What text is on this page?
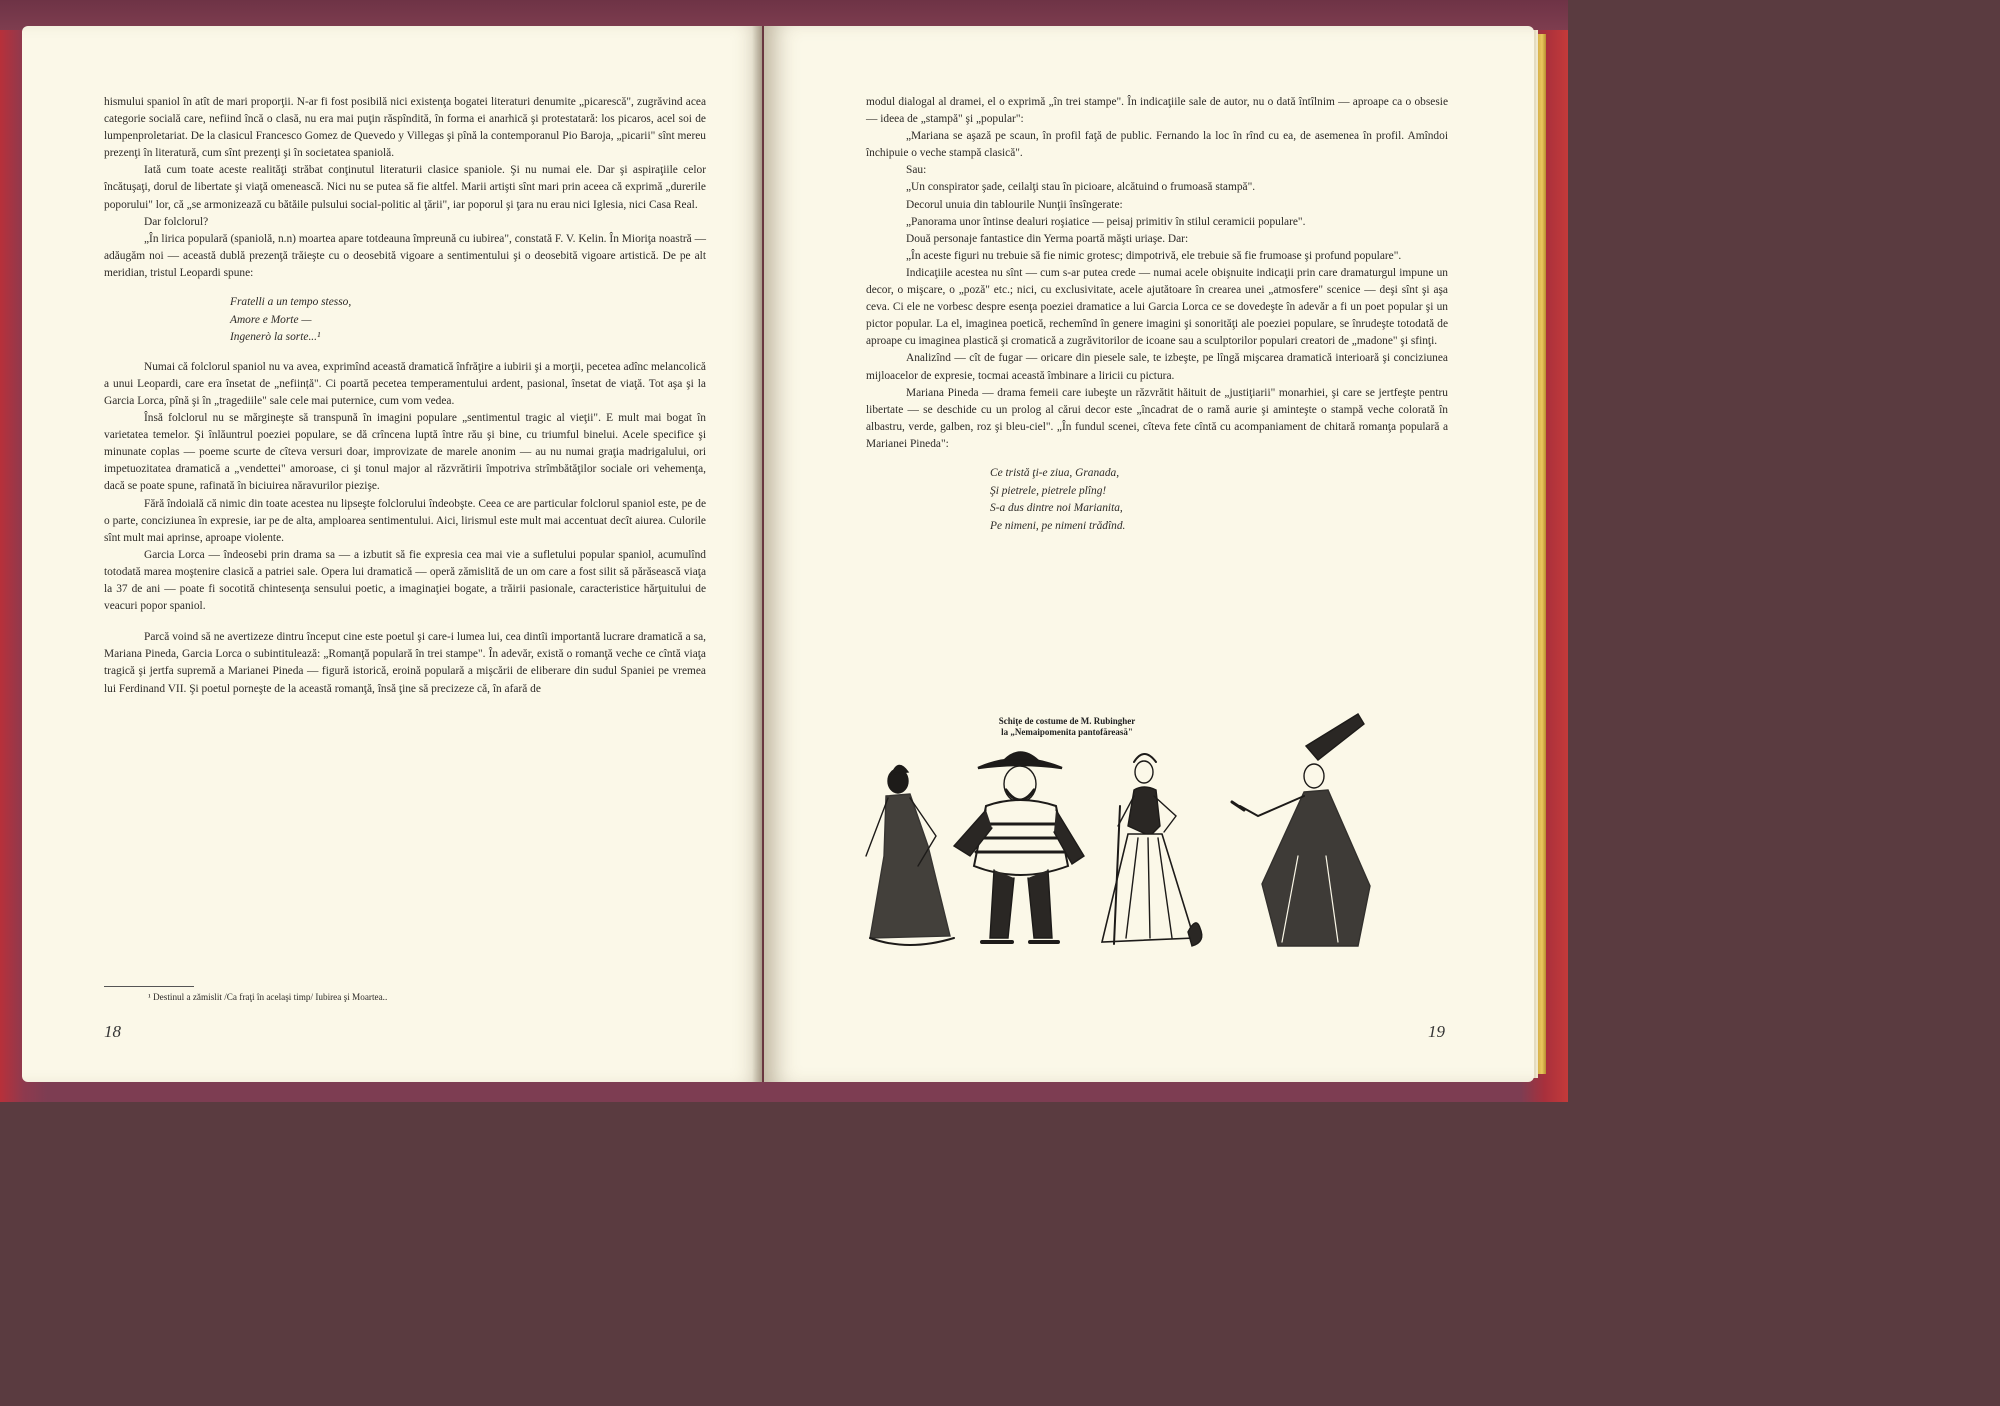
hismului spaniol în atît de mari proporţii. N-ar fi fost posibilă nici existenţa bogatei literaturi denumite „picarescă", zugrăvind acea categorie socială care, nefiind încă o clasă, nu era mai puţin răspîndită, în forma ei anarhică şi protestatară: los picaros, acel soi de lumpenproletariat. De la clasicul Francesco Gomez de Quevedo y Villegas şi pînă la contemporanul Pio Baroja, „picarii" sînt mereu prezenţi în literatură, cum sînt prezenţi şi în societatea spaniolă.

Iată cum toate aceste realităţi străbat conţinutul literaturii clasice spaniole. Şi nu numai ele. Dar şi aspiraţiile celor încătuşaţi, dorul de libertate şi viaţă omenească. Nici nu se putea să fie altfel. Marii artişti sînt mari prin aceea că exprimă „durerile poporului" lor, că „se armonizează cu bătăile pulsului social-politic al ţării", iar poporul şi ţara nu erau nici Iglesia, nici Casa Real.

Dar folclorul?

„În lirica populară (spaniolă, n.n) moartea apare totdeauna împreună cu iubirea", constată F. V. Kelin. În Mioriţa noastră — adăugăm noi — această dublă prezenţă trăieşte cu o deosebită vigoare a sentimentului şi o deosebită vigoare artistică. De pe alt meridian, tristul Leopardi spune:

Fratelli a un tempo stesso,
Amore e Morte —
Ingenerò la sorte...¹

Numai că folclorul spaniol nu va avea, exprimînd această dramatică înfrăţire a iubirii şi a morţii, pecetea adînc melancolică a unui Leopardi, care era însetat de „neființă". Ci poartă pecetea temperamentului ardent, pasional, însetat de viaţă. Tot aşa şi la Garcia Lorca, pînă şi în „tragediile" sale cele mai puternice, cum vom vedea.

Însă folclorul nu se mărgineşte să transpună în imagini populare „sentimentul tragic al vieţii". E mult mai bogat în varietatea temelor. Şi înlăuntrul poeziei populare, se dă crîncena luptă între rău şi bine, cu triumful binelui. Acele specifice şi minunate coplas — poeme scurte de cîteva versuri doar, improvizate de marele anonim — au nu numai graţia madrigalului, ori impetuozitatea dramatică a „vendettei" amoroase, ci şi tonul major al răzvrătirii împotriva strîmbătăţilor sociale ori vehemenţa, dacă se poate spune, rafinată în biciuirea năravurilor piezişe.

Fără îndoială că nimic din toate acestea nu lipseşte folclorului îndeobşte. Ceea ce are particular folclorul spaniol este, pe de o parte, conciziunea în expresie, iar pe de alta, amploarea sentimentului. Aici, lirismul este mult mai accentuat decît aiurea. Culorile sînt mult mai aprinse, aproape violente.

Garcia Lorca — îndeosebi prin drama sa — a izbutit să fie expresia cea mai vie a sufletului popular spaniol, acumulînd totodată marea moştenire clasică a patriei sale. Opera lui dramatică — operă zămislită de un om care a fost silit să părăsească viaţa la 37 de ani — poate fi socotită chintesenţa sensului poetic, a imaginaţiei bogate, a trăirii pasionale, caracteristice hărţuitului de veacuri popor spaniol.

Parcă voind să ne avertizeze dintru început cine este poetul şi care-i lumea lui, cea dintîi importantă lucrare dramatică a sa, Mariana Pineda, Garcia Lorca o subintitulează: „Romanţă populară în trei stampe". În adevăr, există o romanţă veche ce cîntă viaţa tragică şi jertfa supremă a Marianei Pineda — figură istorică, eroină populară a mişcării de eliberare din sudul Spaniei pe vremea lui Ferdinand VII. Şi poetul porneşte de la această romanţă, însă ţine să precizeze că, în afară de

¹ Destinul a zămislit /Ca fraţi în acelaşi timp/ Iubirea şi Moartea..
18

modul dialogal al dramei, el o exprimă „în trei stampe". În indicaţiile sale de autor, nu o dată întîlnim — aproape ca o obsesie — ideea de „stampă" şi „popular":

„Mariana se aşază pe scaun, în profil faţă de public. Fernando la loc în rînd cu ea, de asemenea în profil. Amîndoi închipuie o veche stampă clasică".

Sau:

„Un conspirator şade, ceilalţi stau în picioare, alcătuind o frumoasă stampă".

Decorul unuia din tablourile Nunţii însîngerate:

„Panorama unor întinse dealuri roşiatice — peisaj primitiv în stilul ceramicii populare".

Două personaje fantastice din Yerma poartă măşti uriaşe. Dar:

„În aceste figuri nu trebuie să fie nimic grotesc; dimpotrivă, ele trebuie să fie frumoase şi profund populare".

Indicaţiile acestea nu sînt — cum s-ar putea crede — numai acele obişnuite indicaţii prin care dramaturgul impune un decor, o mişcare, o „poză" etc.; nici, cu exclusivitate, acele ajutătoare în crearea unei „atmosfere" scenice — deşi sînt şi aşa ceva. Ci ele ne vorbesc despre esenţa poeziei dramatice a lui Garcia Lorca ce se dovedeşte în adevăr a fi un poet popular şi un pictor popular. La el, imaginea poetică, rechemînd în genere imagini şi sonorităţi ale poeziei populare, se înrudeşte totodată de aproape cu imaginea plastică şi cromatică a zugrăvitorilor de icoane sau a sculptorilor populari creatori de „madone" şi sfinţi.

Analizînd — cît de fugar — oricare din piesele sale, te izbeşte, pe lîngă mişcarea dramatică interioară şi conciziunea mijloacelor de expresie, tocmai această îmbinare a liricii cu pictura.

Mariana Pineda — drama femeii care iubeşte un răzvrătit hăituit de „justiţiarii" monarhiei, şi care se jertfeşte pentru libertate — se deschide cu un prolog al cărui decor este „încadrat de o ramă aurie şi aminteşte o stampă veche colorată în albastru, verde, galben, roz şi bleu-ciel". „În fundul scenei, cîteva fete cîntă cu acompaniament de chitară romanţa populară a Marianei Pineda":

Ce tristă ţi-e ziua, Granada,
Şi pietrele, pietrele plîng!
S-a dus dintre noi Marianita,
Pe nimeni, pe nimeni trădînd.
Schiţe de costume de M. Rubingher
la „Nemaipomenita pantofăreasă"
19
